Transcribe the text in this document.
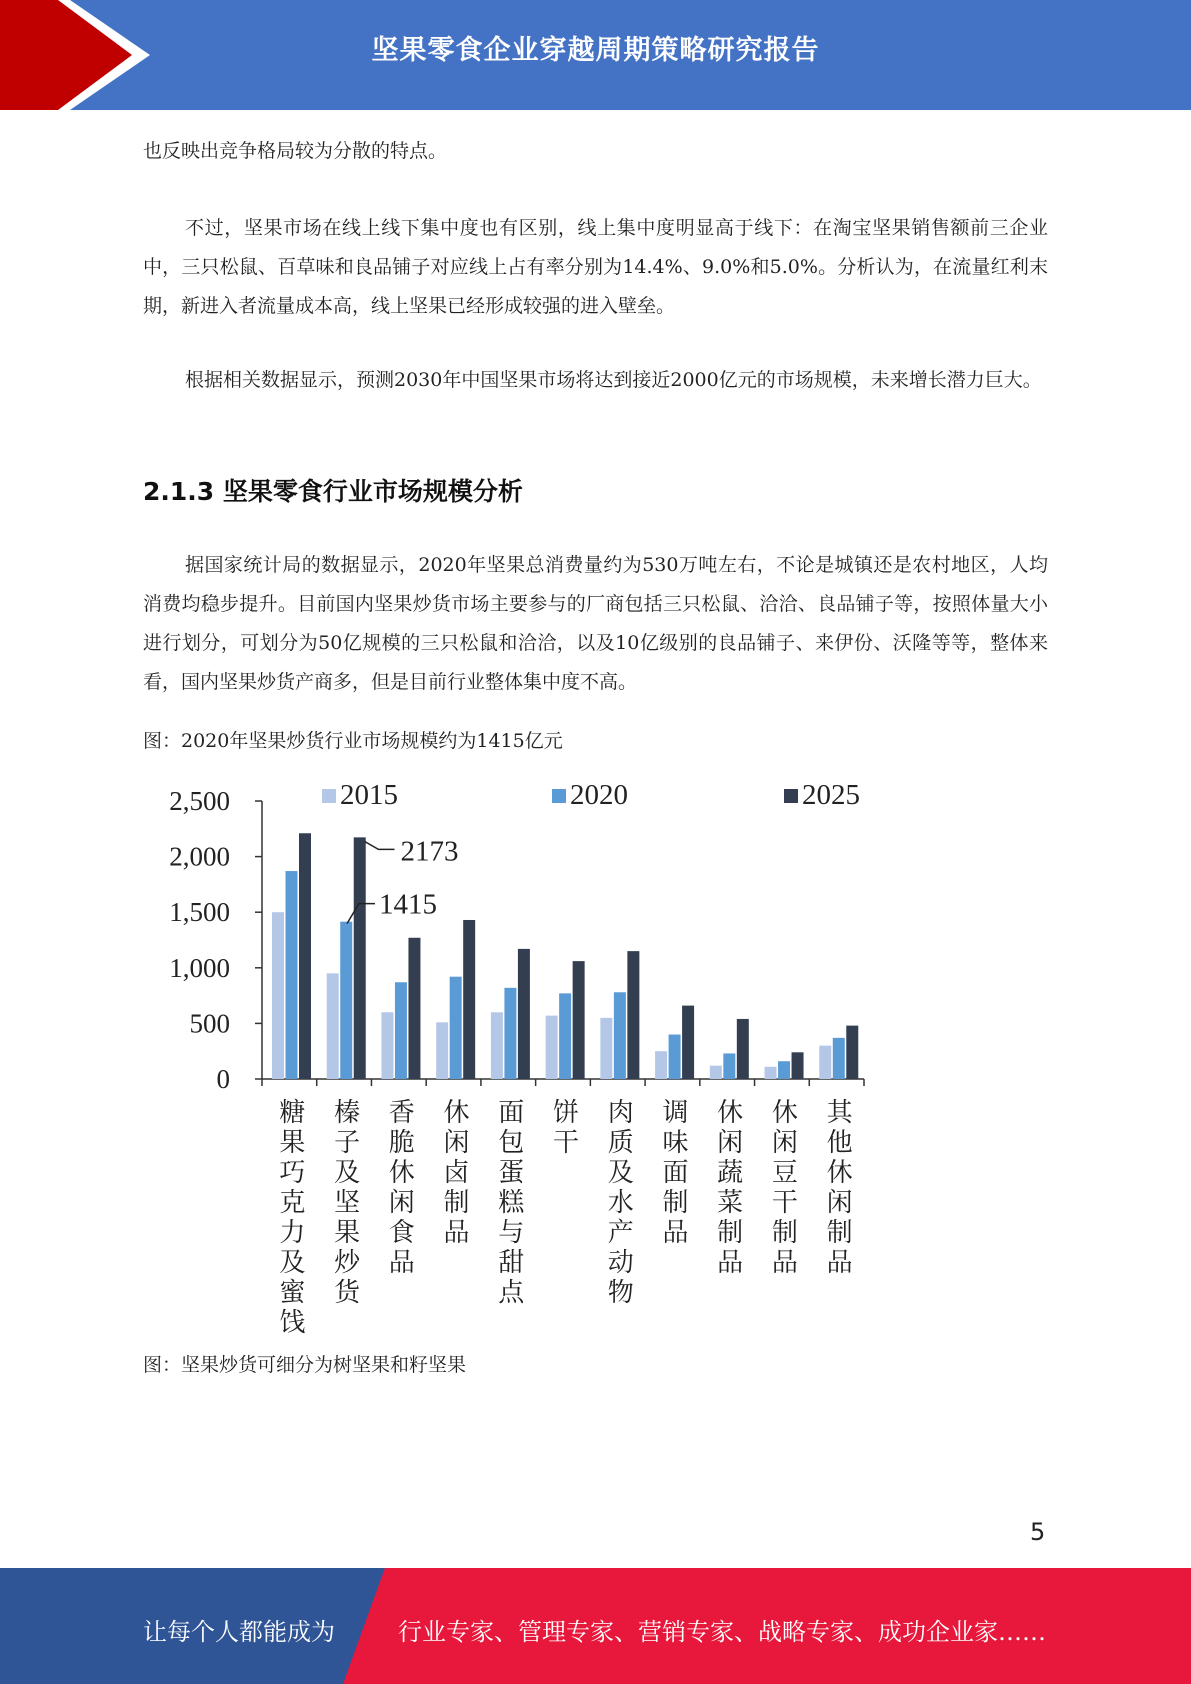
坚果零食企业穿越周期策略研究报告

也反映出竞争格局较为分散的特点。

不过，坚果市场在线上线下集中度也有区别，线上集中度明显高于线下：在淘宝坚果销售额前三企业中，三只松鼠、百草味和良品铺子对应线上占有率分别为14.4%、9.0%和5.0%。分析认为，在流量红利末期，新进入者流量成本高，线上坚果已经形成较强的进入壁垒。

根据相关数据显示，预测2030年中国坚果市场将达到接近2000亿元的市场规模，未来增长潜力巨大。

2.1.3 坚果零食行业市场规模分析

据国家统计局的数据显示，2020年坚果总消费量约为530万吨左右，不论是城镇还是农村地区，人均消费均稳步提升。目前国内坚果炒货市场主要参与的厂商包括三只松鼠、洽洽、良品铺子等，按照体量大小进行划分，可划分为50亿规模的三只松鼠和洽洽，以及10亿级别的良品铺子、来伊份、沃隆等等，整体来看，国内坚果炒货产商多，但是目前行业整体集中度不高。

图：2020年坚果炒货行业市场规模约为1415亿元

0
500
1,000
1,500
2,000
2,500
糖
果
巧
克
力
及
蜜
饯
榛
子
及
坚
果
炒
货
香
脆
休
闲
食
品
休
闲
卤
制
品
面
包
蛋
糕
与
甜
点
饼
干
肉
质
及
水
产
动
物
调
味
面
制
品
休
闲
蔬
菜
制
品
休
闲
豆
干
制
品
其
他
休
闲
制
品
2015	2020	2025
2173
1415

图：坚果炒货可细分为树坚果和籽坚果

5
让每个人都能成为	行业专家、管理专家、营销专家、战略专家、成功企业家……
